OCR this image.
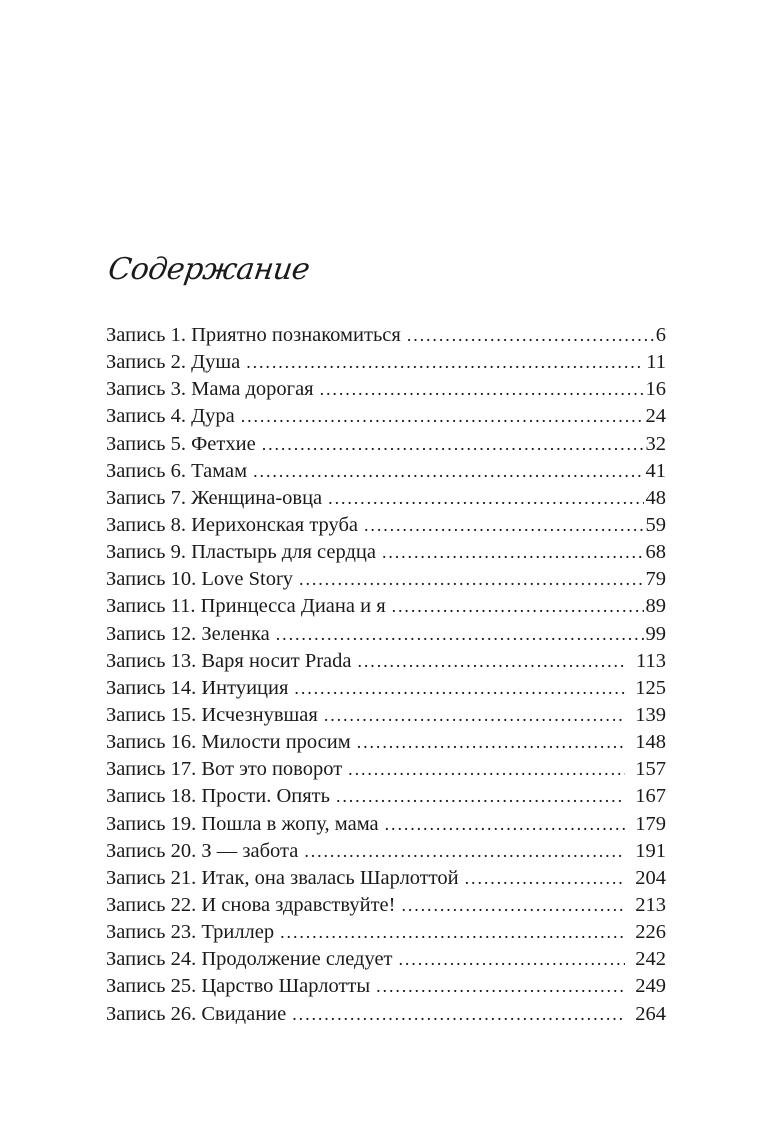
Содержание
Запись 1. Приятно познакомиться . . .	6
Запись 2. Душа . . .	11
Запись 3. Мама дорогая . . .	16
Запись 4. Дура . . .	24
Запись 5. Фетхие . . .	32
Запись 6. Тамам . . .	41
Запись 7. Женщина-овца . . .	48
Запись 8. Иерихонская труба . . .	59
Запись 9. Пластырь для сердца . . .	68
Запись 10. Love Story . . .	79
Запись 11. Принцесса Диана и я . . .	89
Запись 12. Зеленка . . .	99
Запись 13. Варя носит Prada . . .	113
Запись 14. Интуиция . . .	125
Запись 15. Исчезнувшая . . .	139
Запись 16. Милости просим . . .	148
Запись 17. Вот это поворот . . .	157
Запись 18. Прости. Опять . . .	167
Запись 19. Пошла в жопу, мама . . .	179
Запись 20. З — забота . . .	191
Запись 21. Итак, она звалась Шарлоттой . . .	204
Запись 22. И снова здравствуйте! . . .	213
Запись 23. Триллер . . .	226
Запись 24. Продолжение следует . . .	242
Запись 25. Царство Шарлотты . . .	249
Запись 26. Свидание . . .	264
